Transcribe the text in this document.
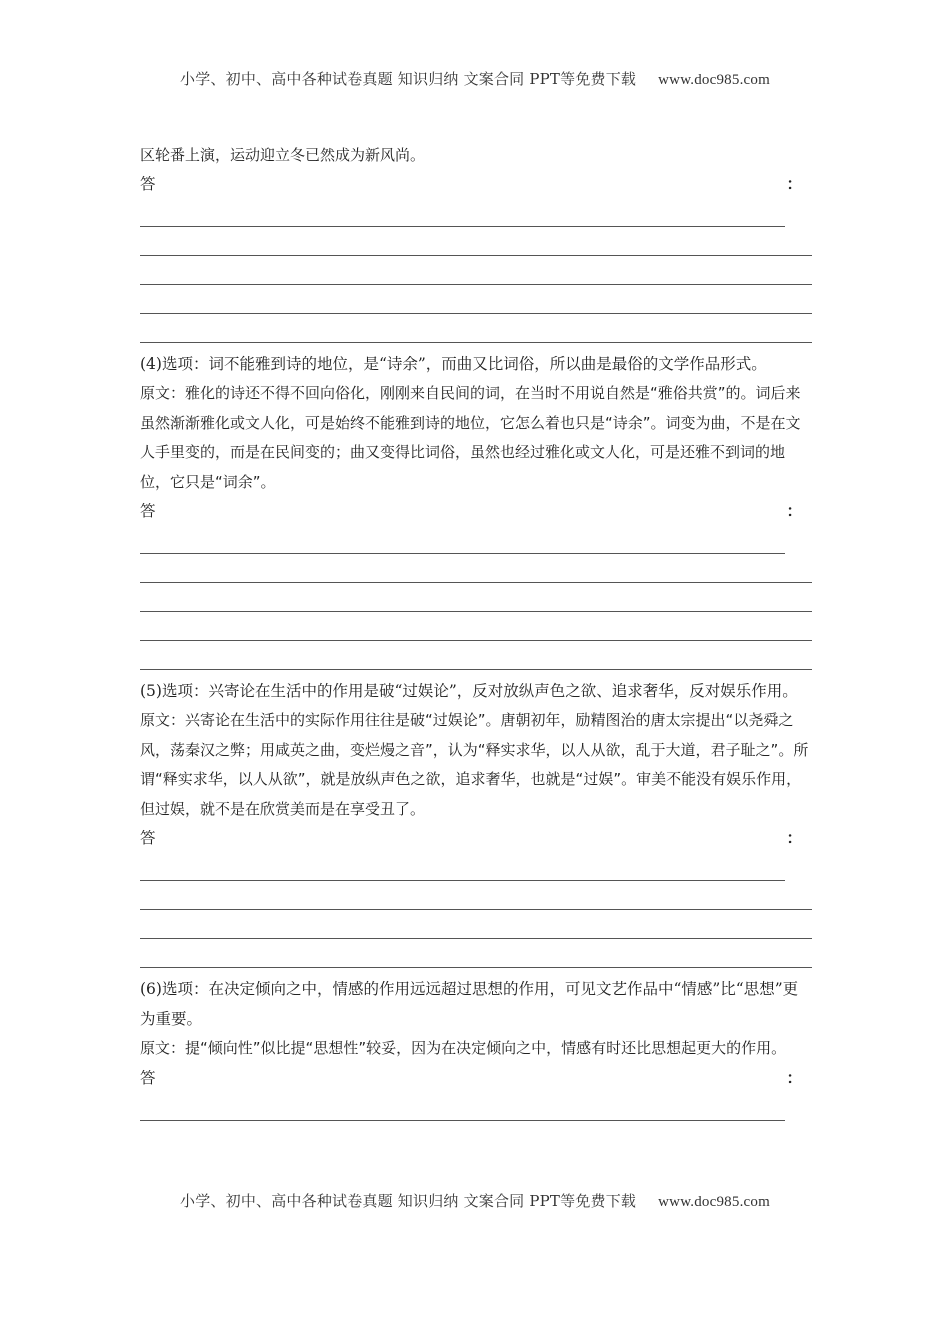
小学、初中、高中各种试卷真题 知识归纳 文案合同 PPT等免费下载 www.doc985.com
区轮番上演，运动迎立冬已然成为新风尚。
答	：
(4)选项：词不能雅到诗的地位，是“诗余”，而曲又比词俗，所以曲是最俗的文学作品形式。
原文：雅化的诗还不得不回向俗化，刚刚来自民间的词，在当时不用说自然是“雅俗共赏”的。词后来虽然渐渐雅化或文人化，可是始终不能雅到诗的地位，它怎么着也只是“诗余”。词变为曲，不是在文人手里变的，而是在民间变的；曲又变得比词俗，虽然也经过雅化或文人化，可是还雅不到词的地位，它只是“词余”。
答	：
(5)选项：兴寄论在生活中的作用是破“过娱论”，反对放纵声色之欲、追求奢华，反对娱乐作用。
原文：兴寄论在生活中的实际作用往往是破“过娱论”。唐朝初年，励精图治的唐太宗提出“以尧舜之风，荡秦汉之弊；用咸英之曲，变烂熳之音”，认为“释实求华，以人从欲，乱于大道，君子耻之”。所谓“释实求华，以人从欲”，就是放纵声色之欲，追求奢华，也就是“过娱”。审美不能没有娱乐作用，但过娱，就不是在欣赏美而是在享受丑了。
答	：
(6)选项：在决定倾向之中，情感的作用远远超过思想的作用，可见文艺作品中“情感”比“思想”更为重要。
原文：提“倾向性”似比提“思想性”较妥，因为在决定倾向之中，情感有时还比思想起更大的作用。
答	：
小学、初中、高中各种试卷真题 知识归纳 文案合同 PPT等免费下载 www.doc985.com
